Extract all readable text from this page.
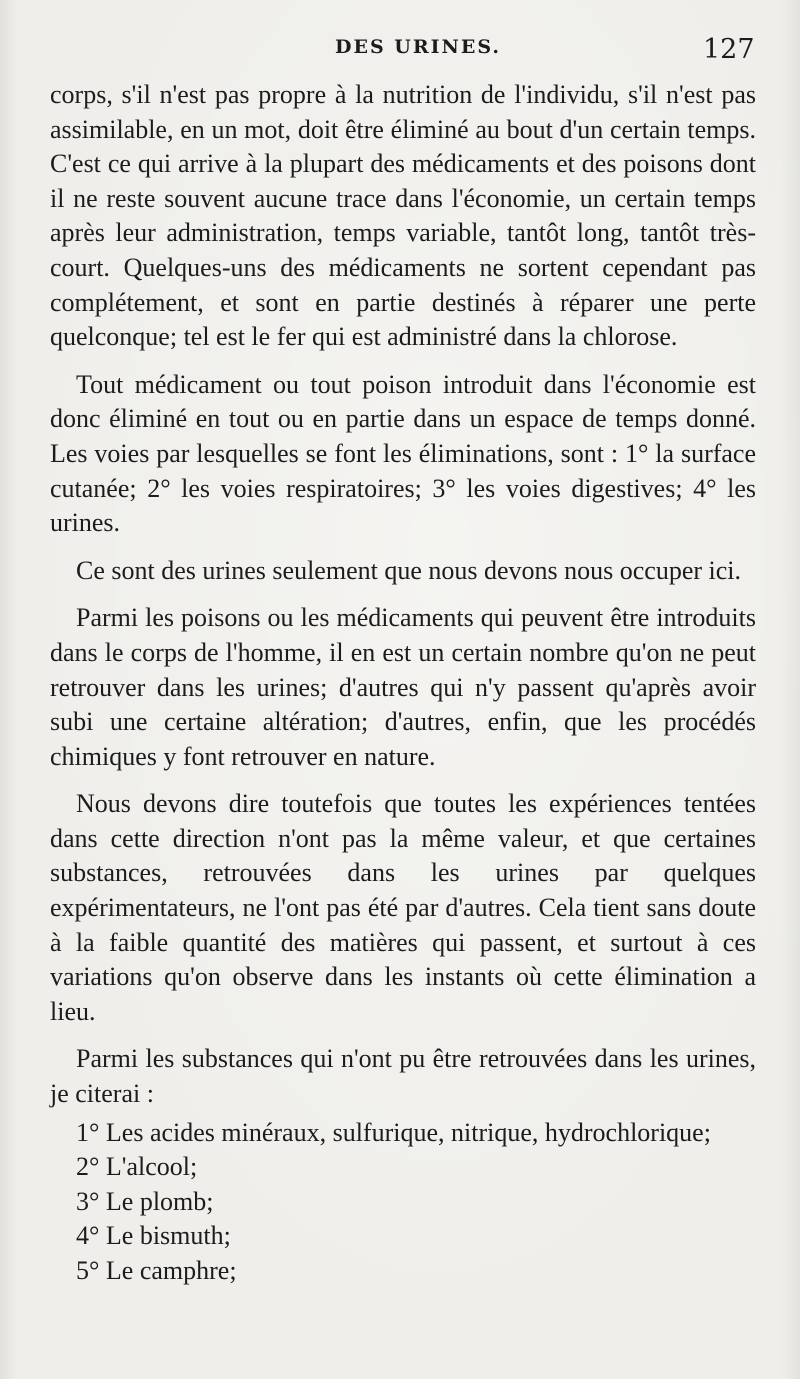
DES URINES.	127

corps, s'il n'est pas propre à la nutrition de l'individu, s'il n'est pas assimilable, en un mot, doit être éliminé au bout d'un certain temps. C'est ce qui arrive à la plupart des médicaments et des poisons dont il ne reste souvent aucune trace dans l'économie, un certain temps après leur administration, temps variable, tantôt long, tantôt très-court. Quelques-uns des médicaments ne sortent cependant pas complétement, et sont en partie destinés à réparer une perte quelconque; tel est le fer qui est administré dans la chlorose.

Tout médicament ou tout poison introduit dans l'économie est donc éliminé en tout ou en partie dans un espace de temps donné. Les voies par lesquelles se font les éliminations, sont : 1° la surface cutanée; 2° les voies respiratoires; 3° les voies digestives; 4° les urines.

Ce sont des urines seulement que nous devons nous occuper ici.

Parmi les poisons ou les médicaments qui peuvent être introduits dans le corps de l'homme, il en est un certain nombre qu'on ne peut retrouver dans les urines; d'autres qui n'y passent qu'après avoir subi une certaine altération; d'autres, enfin, que les procédés chimiques y font retrouver en nature.

Nous devons dire toutefois que toutes les expériences tentées dans cette direction n'ont pas la même valeur, et que certaines substances, retrouvées dans les urines par quelques expérimentateurs, ne l'ont pas été par d'autres. Cela tient sans doute à la faible quantité des matières qui passent, et surtout à ces variations qu'on observe dans les instants où cette élimination a lieu.

Parmi les substances qui n'ont pu être retrouvées dans les urines, je citerai :

1° Les acides minéraux, sulfurique, nitrique, hydrochlorique;
2° L'alcool;
3° Le plomb;
4° Le bismuth;
5° Le camphre;
